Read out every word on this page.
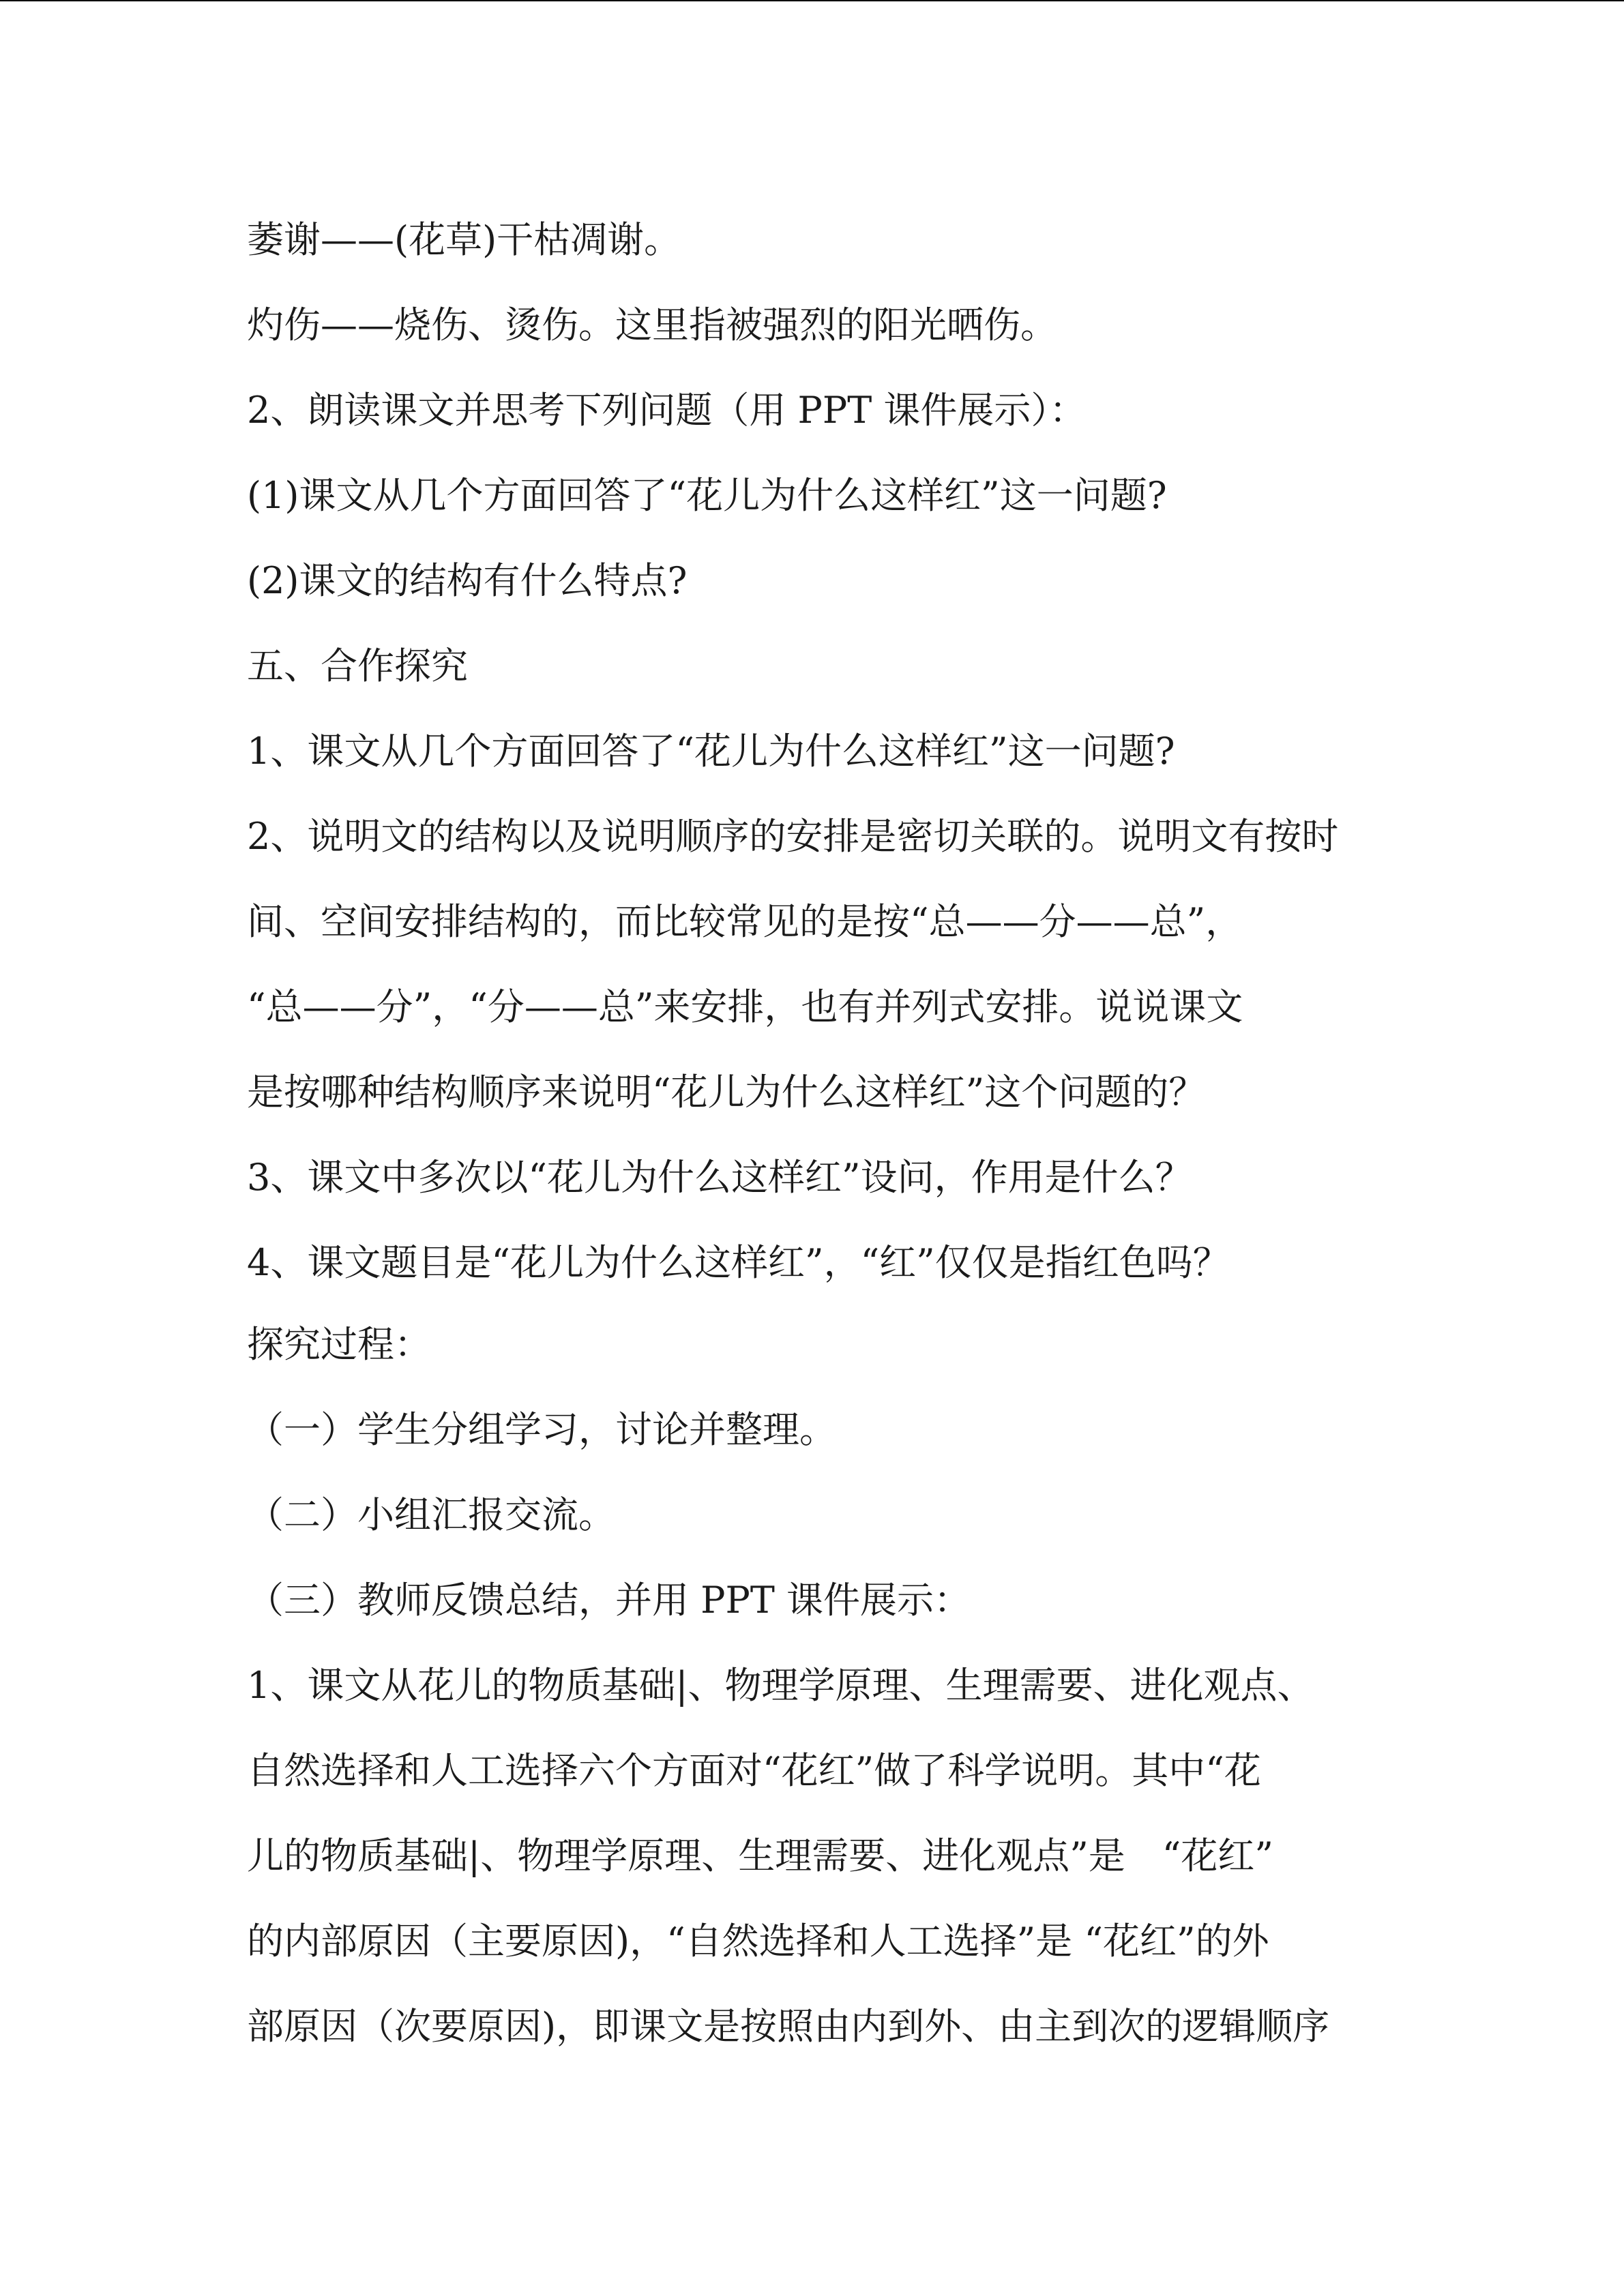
萎谢——(花草)干枯凋谢。
灼伤——烧伤、烫伤。这里指被强烈的阳光晒伤。
2、朗读课文并思考下列问题（用 PPT 课件展示）：
(1)课文从几个方面回答了“花儿为什么这样红”这一问题?
(2)课文的结构有什么特点?
五、合作探究
1、课文从几个方面回答了“花儿为什么这样红”这一问题?
2、说明文的结构以及说明顺序的安排是密切关联的。说明文有按时
间、空间安排结构的，而比较常见的是按“总——分——总”，
“总——分”，“分——总”来安排，也有并列式安排。说说课文
是按哪种结构顺序来说明“花儿为什么这样红”这个问题的？
3、课文中多次以“花儿为什么这样红”设问，作用是什么？
4、课文题目是“花儿为什么这样红”，“红”仅仅是指红色吗？
探究过程：
（一）学生分组学习，讨论并整理。
（二）小组汇报交流。
（三）教师反馈总结，并用 PPT 课件展示：
1、课文从花儿的物质基础|、物理学原理、生理需要、进化观点、
自然选择和人工选择六个方面对“花红”做了科学说明。其中“花
儿的物质基础|、物理学原理、生理需要、进化观点”是　“花红”
的内部原因（主要原因)，“自然选择和人工选择”是 “花红”的外
部原因（次要原因)，即课文是按照由内到外、由主到次的逻辑顺序
